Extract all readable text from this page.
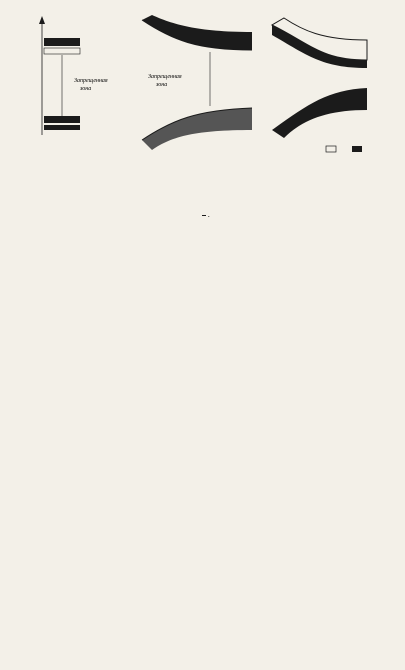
Запрещенная
зона
Запрещенная
зона
.
